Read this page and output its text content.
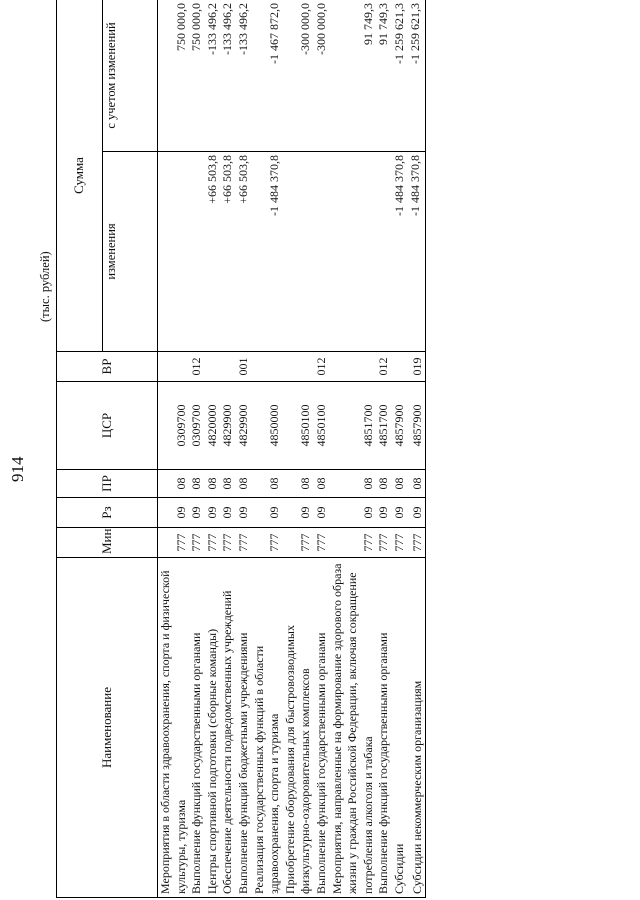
914
(тыс. рублей)
Наименование	Мин	Рз	ПР	ЦСР	ВР	Сумма	
						изменения	с учетом изменений
Мероприятия в области здравоохранения, спорта и физической культуры, туризма	777	09	08	0309700			750 000,0
Выполнение функций государственными органами	777	09	08	0309700	012		750 000,0
Центры спортивной подготовки (сборные команды)	777	09	08	4820000		+66 503,8	-133 496,2
Обеспечение деятельности подведомственных учреждений	777	09	08	4829900		+66 503,8	-133 496,2
Выполнение функций бюджетными учреждениями	777	09	08	4829900	001	+66 503,8	-133 496,2
Реализация государственных функций в области здравоохранения, спорта и туризма	777	09	08	4850000		-1 484 370,8	-1 467 872,0
Приобретение оборудования для быстровозводимых физкультурно-оздоровительных комплексов	777	09	08	4850100			-300 000,0
Выполнение функций государственными органами	777	09	08	4850100	012		-300 000,0
Мероприятия, направленные на формирование здорового образа жизни у граждан Российской Федерации, включая сокращение потребления алкоголя и табака	777	09	08	4851700			91 749,3
Выполнение функций государственными органами	777	09	08	4851700	012		91 749,3
Субсидии	777	09	08	4857900		-1 484 370,8	-1 259 621,3
Субсидии некоммерческим организациям	777	09	08	4857900	019	-1 484 370,8	-1 259 621,3
